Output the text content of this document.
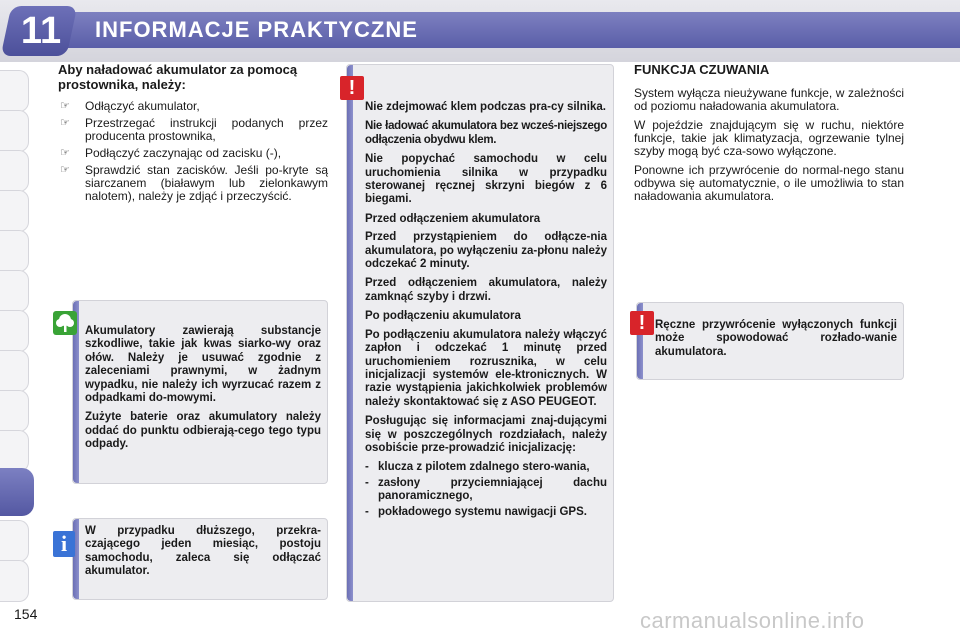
INFORMACJE PRAKTYCZNE
11
Aby naładować akumulator za pomocą prostownika, należy:
☞ Odłączyć akumulator,
☞ Przestrzegać instrukcji podanych przez producenta prostownika,
☞ Podłączyć zaczynając od zacisku (-),
☞ Sprawdzić stan zacisków. Jeśli po-kryte są siarczanem (białawym lub zielonkawym nalotem), należy je zdjąć i przeczyścić.

Akumulatory zawierają substancje szkodliwe, takie jak kwas siarko-wy oraz ołów. Należy je usuwać zgodnie z zaleceniami prawnymi, w żadnym wypadku, nie należy ich wyrzucać razem z odpadkami do-mowymi.

Zużyte baterie oraz akumulatory należy oddać do punktu odbierają-cego tego typu odpady.

W przypadku dłuższego, przekra-czającego jeden miesiąc, postoju samochodu, zaleca się odłączać akumulator.

i

Nie zdejmować klem podczas pra-cy silnika.

Nie ładować akumulatora bez wcześ-niejszego odłączenia obydwu klem.

Nie popychać samochodu w celu uruchomienia silnika w przypadku sterowanej ręcznej skrzyni biegów z 6 biegami.

Przed odłączeniem akumulatora

Przed przystąpieniem do odłącze-nia akumulatora, po wyłączeniu za-płonu należy odczekać 2 minuty.

Przed odłączeniem akumulatora, należy zamknąć szyby i drzwi.

Po podłączeniu akumulatora

Po podłączeniu akumulatora należy włączyć zapłon i odczekać 1 minutę przed uruchomieniem rozrusznika, w celu inicjalizacji systemów ele-ktronicznych. W razie wystąpienia jakichkolwiek problemów należy skontaktować się z ASO PEUGEOT.

Posługując się informacjami znaj-dującymi się w poszczególnych rozdziałach, należy osobiście prze-prowadzić inicjalizację:

- klucza z pilotem zdalnego stero-wania,
- zasłony przyciemniającej dachu panoramicznego,
- pokładowego systemu nawigacji GPS.
!
FUNKCJA CZUWANIA

System wyłącza nieużywane funkcje, w zależności od poziomu naładowania akumulatora.

W pojeździe znajdującym się w ruchu, niektóre funkcje, takie jak klimatyzacja, ogrzewanie tylnej szyby mogą być cza-sowo wyłączone.

Ponowne ich przywrócenie do normal-nego stanu odbywa się automatycznie, o ile umożliwia to stan naładowania akumulatora.

Ręczne przywrócenie wyłączonych funkcji może spowodować rozłado-wanie akumulatora.

!
154	carmanualsonline.info
